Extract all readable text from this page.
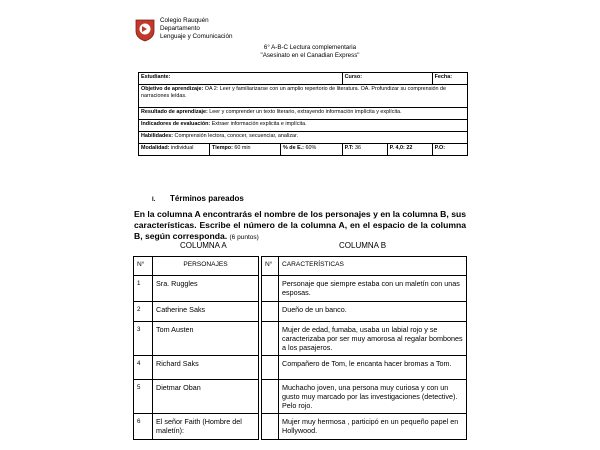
Colegio Rauquén
Departamento
Lenguaje y Comunicación
6° A-B-C Lectura complementaria
"Asesinato en el Canadian Express"
Estudiante:			Curso:		Fecha:
Objetivo de aprendizaje: OA 2: Leer y familiarizarse con un amplio repertorio de literatura. OA. Profundizar su comprensión de narraciones leídas.					
Resultado de aprendizaje: Leer y comprender un texto literario, extrayendo información implícita y explícita.					
Indicadores de evaluación: Extraer información explicita e implícita.					
Habilidades: Comprensión lectora, conocer, secuenciar, analizar.					
Modalidad: individual	Tiempo: 60 min	% de E.: 60%	P.T: 36	P. 4,0: 22	P.O:
I. Términos pareados
En la columna A encontrarás el nombre de los personajes y en la columna B, sus características. Escribe el número de la columna A, en el espacio de la columna B, según corresponda. (6 puntos)
COLUMNA A	COLUMNA B
N°	PERSONAJES		N°	CARACTERÍSTICAS
1	Sra. Ruggles			Personaje que siempre estaba con un maletín con unas esposas.
2	Catherine Saks			Dueño de un banco.
3	Tom Austen			Mujer de edad, fumaba, usaba un labial rojo y se caracterizaba por ser muy amorosa al regalar bombones a los pasajeros.
4	Richard Saks			Compañero de Tom, le encanta hacer bromas a Tom.
5	Dietmar Oban			Muchacho joven, una persona muy curiosa y con un gusto muy marcado por las investigaciones (detective). Pelo rojo.
6	El señor Faith (Hombre del maletín):			Mujer muy hermosa , participó en un pequeño papel en Hollywood.
